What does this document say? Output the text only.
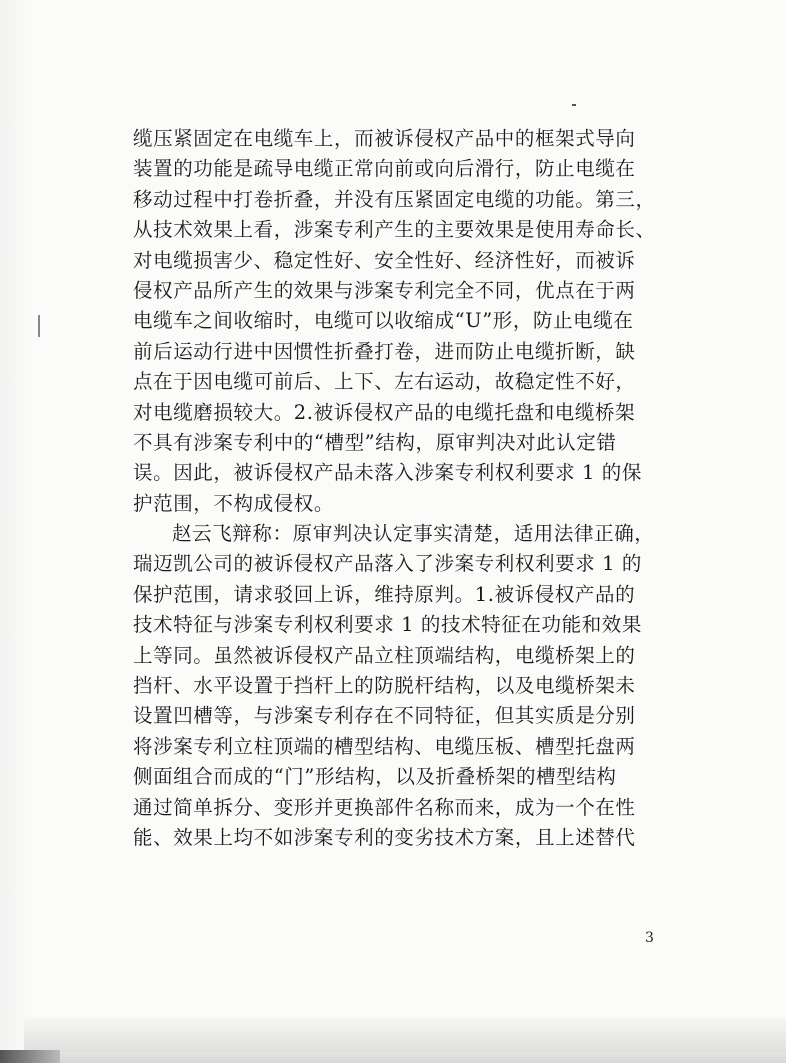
缆压紧固定在电缆车上，而被诉侵权产品中的框架式导向
装置的功能是疏导电缆正常向前或向后滑行，防止电缆在
移动过程中打卷折叠，并没有压紧固定电缆的功能。第三，
从技术效果上看，涉案专利产生的主要效果是使用寿命长、
对电缆损害少、稳定性好、安全性好、经济性好，而被诉
侵权产品所产生的效果与涉案专利完全不同，优点在于两
电缆车之间收缩时，电缆可以收缩成“U”形，防止电缆在
前后运动行进中因惯性折叠打卷，进而防止电缆折断，缺
点在于因电缆可前后、上下、左右运动，故稳定性不好，
对电缆磨损较大。2.被诉侵权产品的电缆托盘和电缆桥架
不具有涉案专利中的“槽型”结构，原审判决对此认定错
误。因此，被诉侵权产品未落入涉案专利权利要求 1 的保
护范围，不构成侵权。
赵云飞辩称：原审判决认定事实清楚，适用法律正确，
瑞迈凯公司的被诉侵权产品落入了涉案专利权利要求 1 的
保护范围，请求驳回上诉，维持原判。1.被诉侵权产品的
技术特征与涉案专利权利要求 1 的技术特征在功能和效果
上等同。虽然被诉侵权产品立柱顶端结构，电缆桥架上的
挡杆、水平设置于挡杆上的防脱杆结构，以及电缆桥架未
设置凹槽等，与涉案专利存在不同特征，但其实质是分别
将涉案专利立柱顶端的槽型结构、电缆压板、槽型托盘两
侧面组合而成的“门”形结构，以及折叠桥架的槽型结构
通过简单拆分、变形并更换部件名称而来，成为一个在性
能、效果上均不如涉案专利的变劣技术方案，且上述替代
3
